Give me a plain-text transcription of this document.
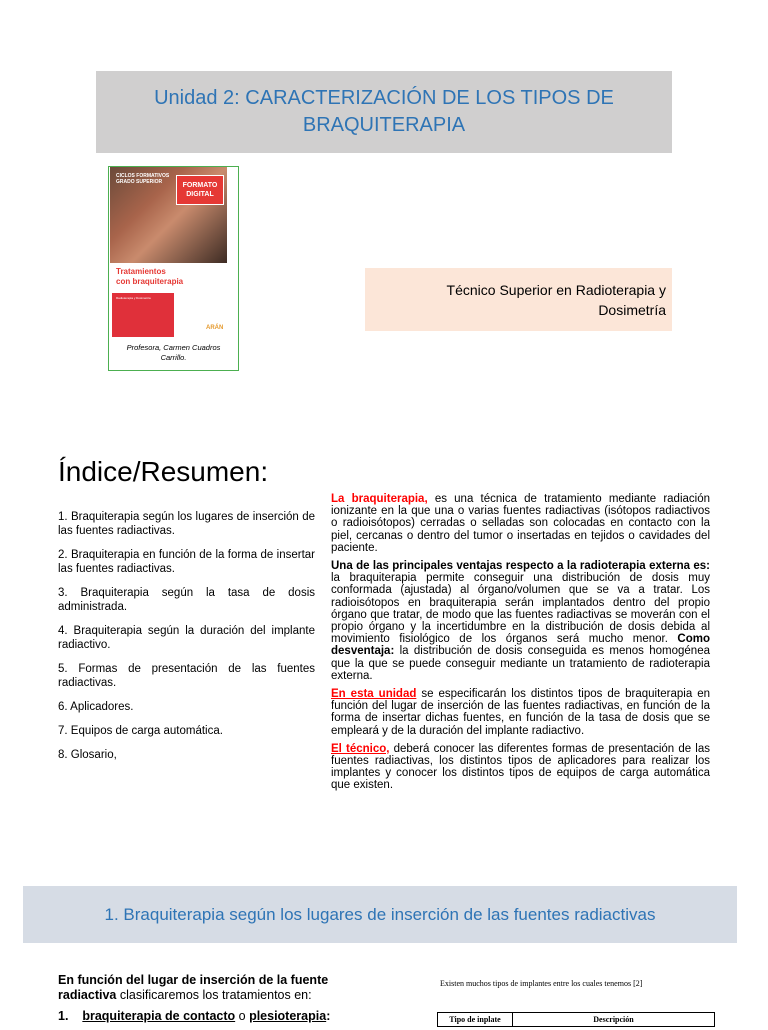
Unidad 2: CARACTERIZACIÓN DE LOS TIPOS DE
BRAQUITERAPIA
CICLOS FORMATIVOS GRADO SUPERIOR	FORMATO DIGITAL
Tratamientos
con braquiterapia
Radioterapia y Dosimetría
ARÁN
Profesora, Carmen Cuadros
Carrillo.

Técnico Superior en Radioterapia y
Dosimetría

Índice/Resumen:
1. Braquiterapia según los lugares de inserción de las fuentes radiactivas.
2. Braquiterapia en función de la forma de insertar las fuentes radiactivas.
3. Braquiterapia según la tasa de dosis administrada.
4. Braquiterapia según la duración del implante radiactivo.
5. Formas de presentación de las fuentes radiactivas.
6. Aplicadores.
7. Equipos de carga automática.
8. Glosario,

La braquiterapia, es una técnica de tratamiento mediante radiación ionizante en la que una o varias fuentes radiactivas (isótopos radiactivos o radioisótopos) cerradas o selladas son colocadas en contacto con la piel, cercanas o dentro del tumor o insertadas en tejidos o cavidades del paciente.

Una de las principales ventajas respecto a la radioterapia externa es: la braquiterapia permite conseguir una distribución de dosis muy conformada (ajustada) al órgano/volumen que se va a tratar. Los radioisótopos en braquiterapia serán implantados dentro del propio órgano que tratar, de modo que las fuentes radiactivas se moverán con el propio órgano y la incertidumbre en la distribución de dosis debida al movimiento fisiológico de los órganos será mucho menor. Como desventaja: la distribución de dosis conseguida es menos homogénea que la que se puede conseguir mediante un tratamiento de radioterapia externa.

En esta unidad se especificarán los distintos tipos de braquiterapia en función del lugar de inserción de las fuentes radiactivas, en función de la forma de insertar dichas fuentes, en función de la tasa de dosis que se empleará y de la duración del implante radiactivo.

El técnico, deberá conocer las diferentes formas de presentación de las fuentes radiactivas, los distintos tipos de aplicadores para realizar los implantes y conocer los distintos tipos de equipos de carga automática que existen.

1. Braquiterapia según los lugares de inserción de las fuentes radiactivas

En función del lugar de inserción de la fuente radiactiva clasificaremos los tratamientos en:

1. braquiterapia de contacto o plesioterapia:

Existen muchos tipos de implantes entre los cuales tenemos [2]
Tipo de inplate	Descripción
